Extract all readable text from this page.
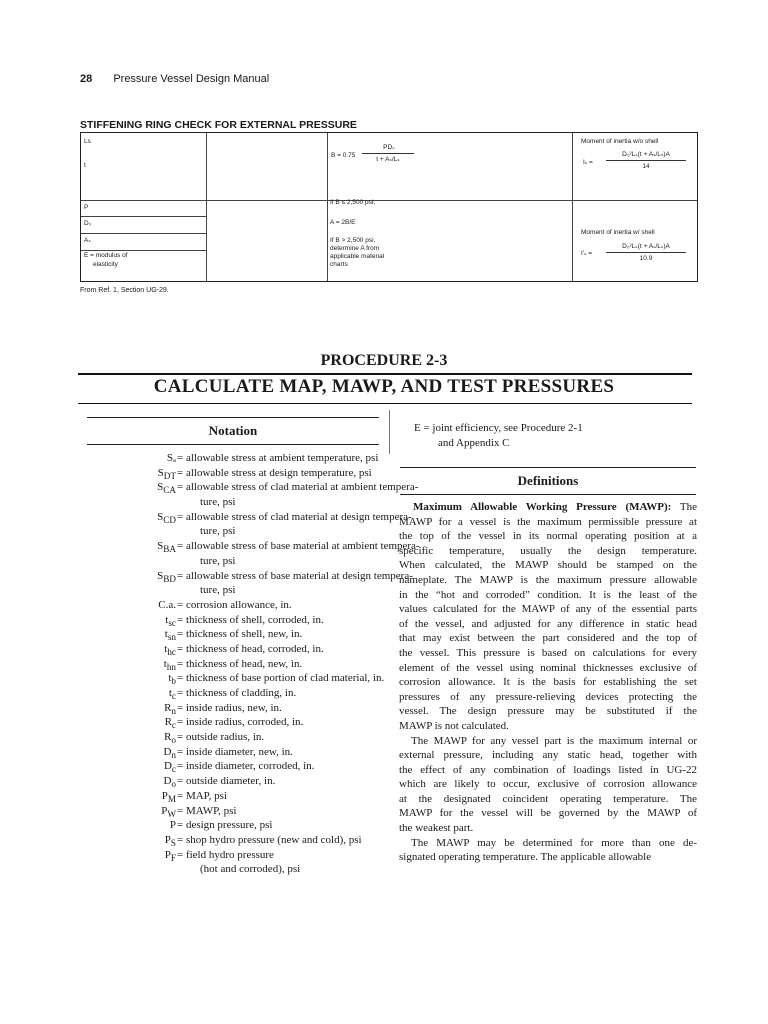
28 Pressure Vessel Design Manual
STIFFENING RING CHECK FOR EXTERNAL PRESSURE
Ls
t
P
D₀
Aₛ
E = modulus of
elasticity
B = 0.75
PD₀
t + Aₛ/Lₛ
If B ≤ 2,500 psi,
A = 2B/E
If B > 2,500 psi,
determine A from
applicable material
charts
Moment of inertia w/o shell
Iₛ =
D₀²Lₛ(t + Aₛ/Lₛ)A
14
Moment of inertia w/ shell
I′ₛ =
D₀²Lₛ(t + Aₛ/Lₛ)A
10.9
From Ref. 1, Section UG-29.
PROCEDURE 2-3
CALCULATE MAP, MAWP, AND TEST PRESSURES
Notation
Sₐ = allowable stress at ambient temperature, psi
$S_{DT}$ = allowable stress at design temperature, psi
$S_{CA}$ = allowable stress of clad material at ambient tempera-
ture, psi
$S_{CD}$ = allowable stress of clad material at design tempera-
ture, psi
$S_{BA}$ = allowable stress of base material at ambient tempera-
ture, psi
$S_{BD}$ = allowable stress of base material at design tempera-
ture, psi
C.a. = corrosion allowance, in.
$t_{sc}$ = thickness of shell, corroded, in.
$t_{sn}$ = thickness of shell, new, in.
$t_{hc}$ = thickness of head, corroded, in.
$t_{hn}$ = thickness of head, new, in.
$t_b$ = thickness of base portion of clad material, in.
$t_c$ = thickness of cladding, in.
$R_n$ = inside radius, new, in.
$R_c$ = inside radius, corroded, in.
$R_o$ = outside radius, in.
$D_n$ = inside diameter, new, in.
$D_c$ = inside diameter, corroded, in.
$D_o$ = outside diameter, in.
$P_M$ = MAP, psi
$P_W$ = MAWP, psi
P = design pressure, psi
$P_S$ = shop hydro pressure (new and cold), psi
$P_F$ = field hydro pressure
(hot and corroded), psi
E = joint efficiency, see Procedure 2-1
and Appendix C
Definitions
Maximum Allowable Working Pressure (MAWP): The
MAWP for a vessel is the maximum permissible pressure at
the top of the vessel in its normal operating position at a
specific temperature, usually the design temperature.
When calculated, the MAWP should be stamped on the
nameplate. The MAWP is the maximum pressure allowable
in the “hot and corroded” condition. It is the least of the
values calculated for the MAWP of any of the essential parts
of the vessel, and adjusted for any difference in static head
that may exist between the part considered and the top of
the vessel. This pressure is based on calculations for every
element of the vessel using nominal thicknesses exclusive of
corrosion allowance. It is the basis for establishing the set
pressures of any pressure-relieving devices protecting the
vessel. The design pressure may be substituted if the
MAWP is not calculated.
The MAWP for any vessel part is the maximum internal or
external pressure, including any static head, together with
the effect of any combination of loadings listed in UG-22
which are likely to occur, exclusive of corrosion allowance
at the designated coincident operating temperature. The
MAWP for the vessel will be governed by the MAWP of
the weakest part.
The MAWP may be determined for more than one de-
signated operating temperature. The applicable allowable
